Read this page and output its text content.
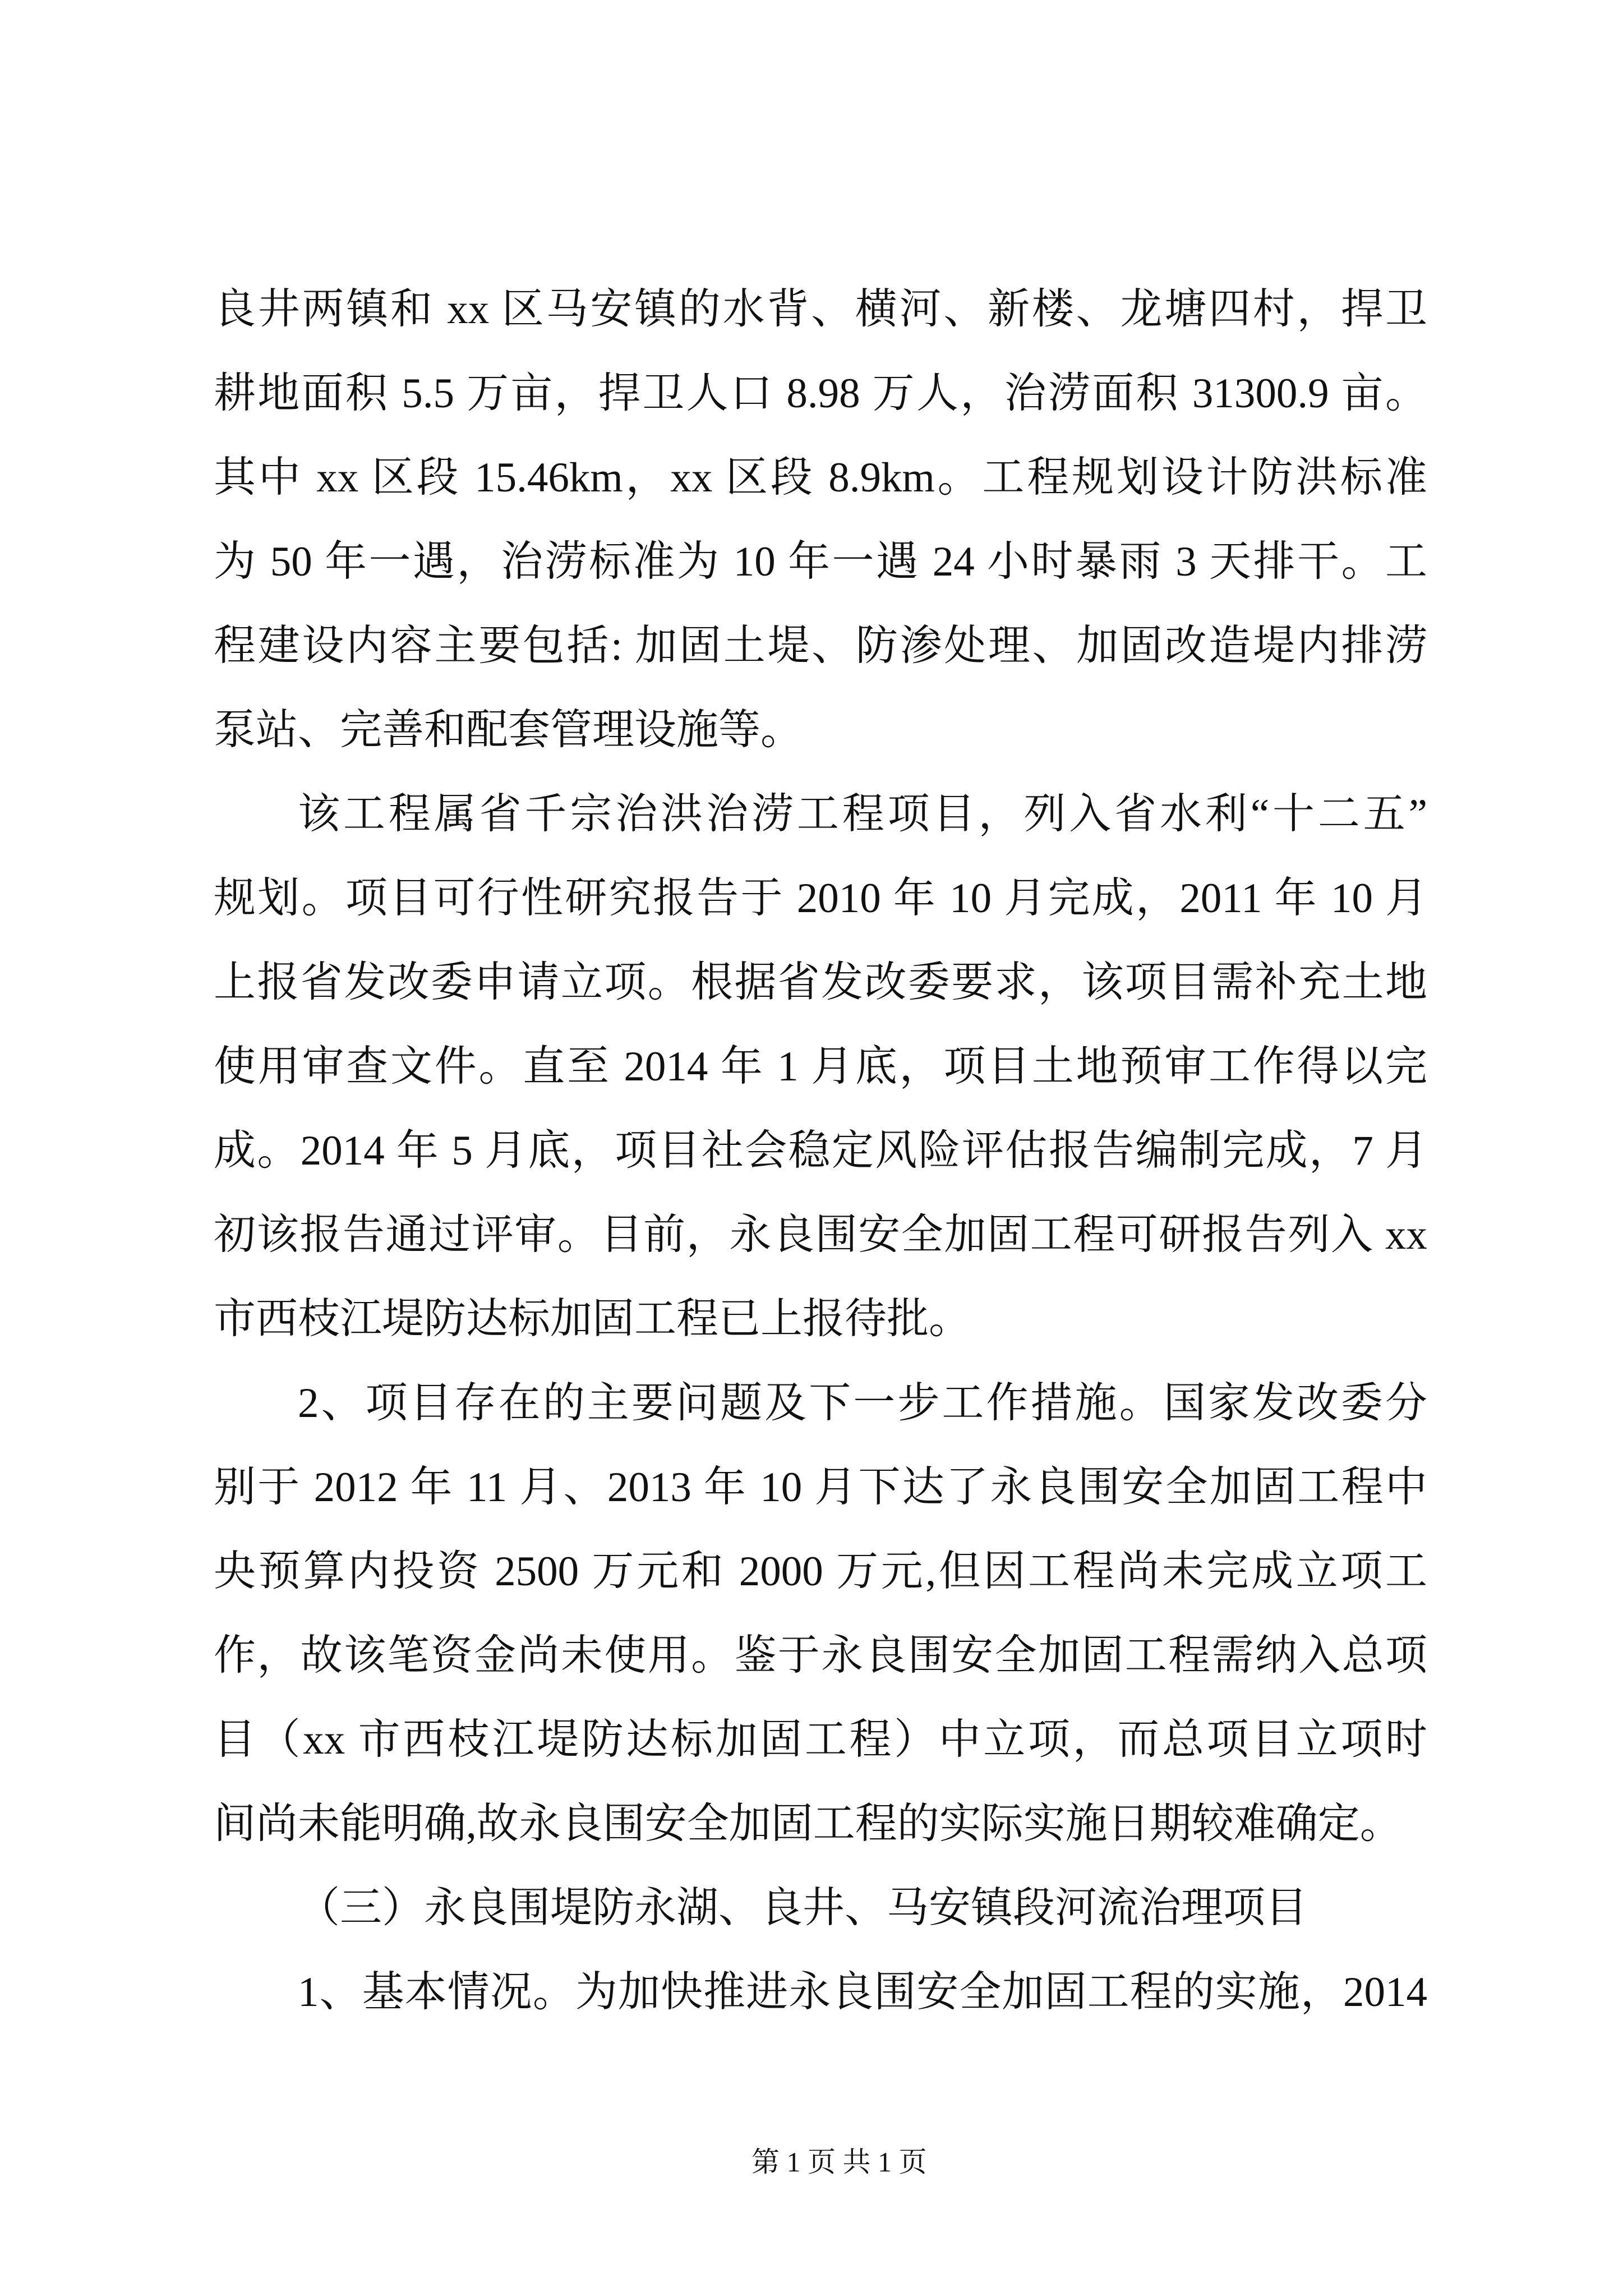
良井两镇和 xx 区马安镇的水背、横河、新楼、龙塘四村，捍卫
耕地面积 5.5 万亩，捍卫人口 8.98 万人，治涝面积 31300.9 亩。
其中 xx 区段 15.46km，xx 区段 8.9km。工程规划设计防洪标准
为 50 年一遇，治涝标准为 10 年一遇 24 小时暴雨 3 天排干。工
程建设内容主要包括: 加固土堤、防渗处理、加固改造堤内排涝
泵站、完善和配套管理设施等。
该工程属省千宗治洪治涝工程项目，列入省水利“十二五”
规划。项目可行性研究报告于 2010 年 10 月完成，2011 年 10 月
上报省发改委申请立项。根据省发改委要求，该项目需补充土地
使用审查文件。直至 2014 年 1 月底，项目土地预审工作得以完
成。2014 年 5 月底，项目社会稳定风险评估报告编制完成，7 月
初该报告通过评审。目前，永良围安全加固工程可研报告列入 xx
市西枝江堤防达标加固工程已上报待批。
2、项目存在的主要问题及下一步工作措施。国家发改委分
别于 2012 年 11 月、2013 年 10 月下达了永良围安全加固工程中
央预算内投资 2500 万元和 2000 万元,但因工程尚未完成立项工
作，故该笔资金尚未使用。鉴于永良围安全加固工程需纳入总项
目（xx 市西枝江堤防达标加固工程）中立项，而总项目立项时
间尚未能明确,故永良围安全加固工程的实际实施日期较难确定。
（三）永良围堤防永湖、良井、马安镇段河流治理项目
1、基本情况。为加快推进永良围安全加固工程的实施，2014
第 1 页 共 1 页
